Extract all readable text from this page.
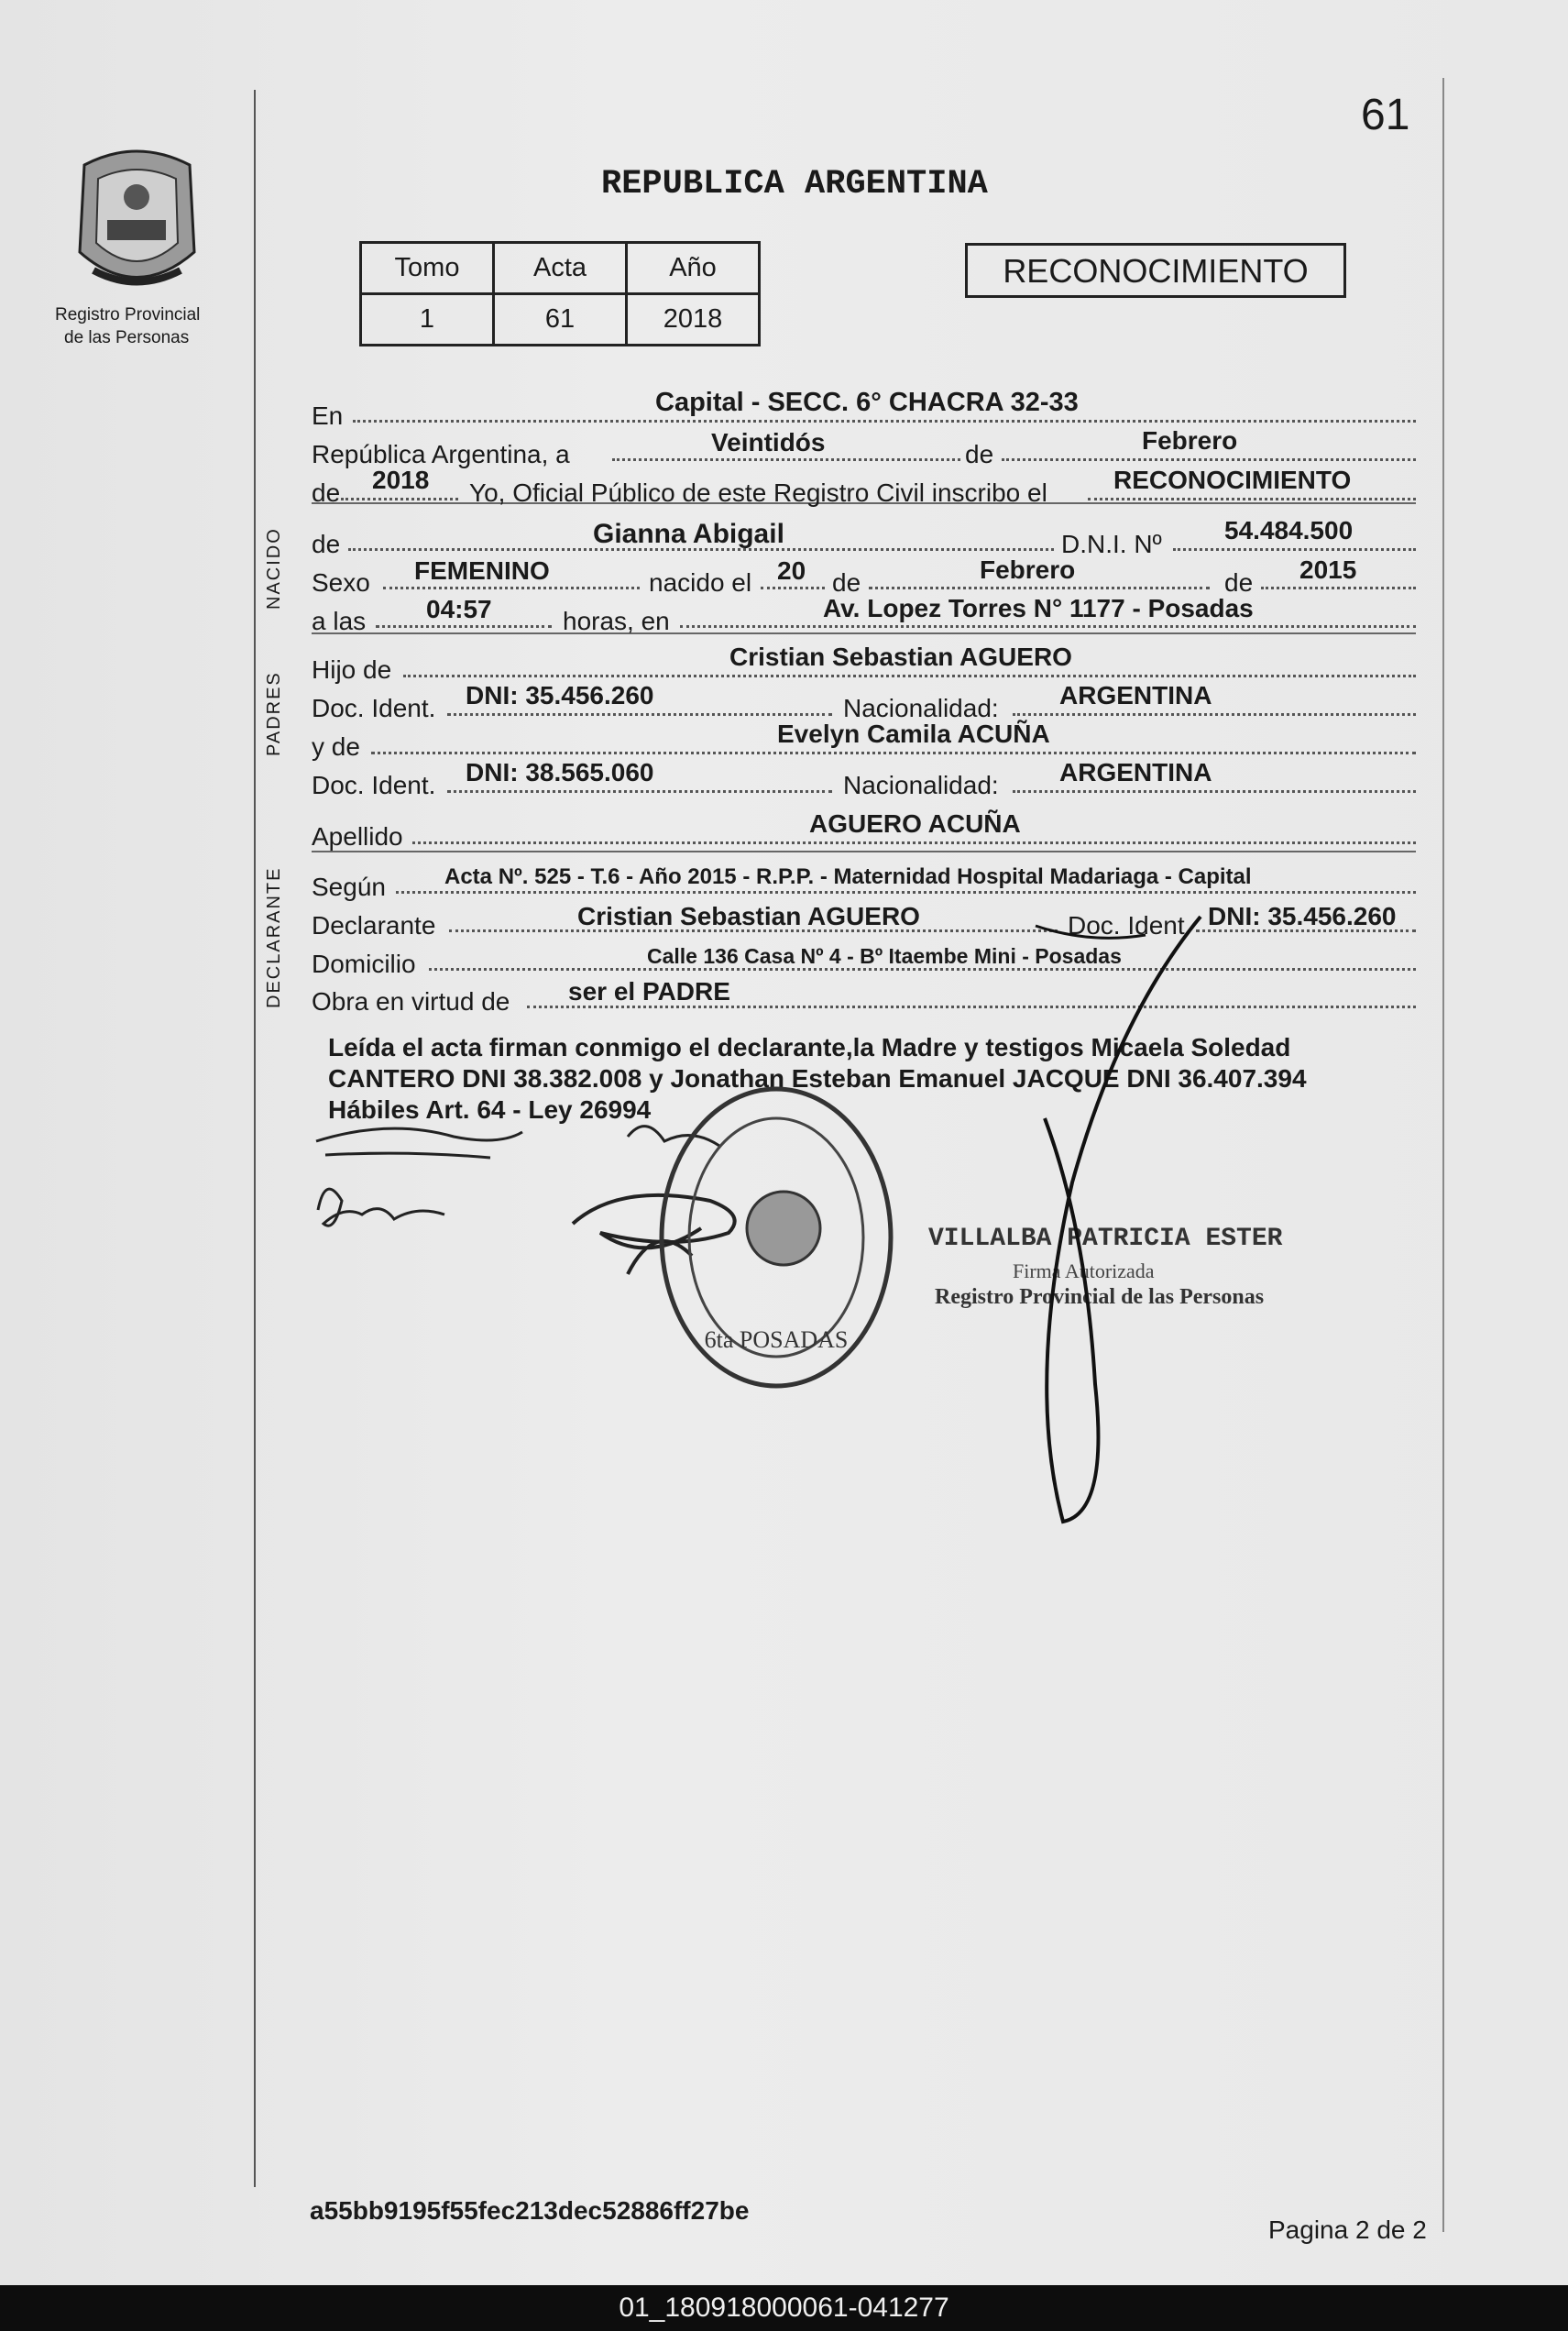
61
Registro Provincial
de las Personas
REPUBLICA ARGENTINA
Tomo	Acta	Año
1	61	2018
RECONOCIMIENTO
NACIDO
PADRES
DECLARANTE
En	Capital - SECC. 6° CHACRA 32-33
República Argentina, a	Veintidós	de	Febrero
de 2018 Yo, Oficial Público de este Registro Civil inscribo el	RECONOCIMIENTO
de	Gianna Abigail	D.N.I. Nº 54.484.500
Sexo FEMENINO	nacido el 20 de	Febrero	de 2015
a las 04:57	horas, en	Av. Lopez Torres N° 1177 - Posadas
Hijo de	Cristian Sebastian AGUERO
Doc. Ident. DNI: 35.456.260	Nacionalidad: ARGENTINA
y de	Evelyn Camila ACUÑA
Doc. Ident. DNI: 38.565.060	Nacionalidad: ARGENTINA
Apellido	AGUERO ACUÑA
Según	Acta Nº. 525 - T.6 - Año 2015 - R.P.P. - Maternidad Hospital Madariaga - Capital
Declarante	Cristian Sebastian AGUERO	Doc. Ident. DNI: 35.456.260
Domicilio	Calle 136 Casa Nº 4 - Bº Itaembe Mini - Posadas
Obra en virtud de ser el PADRE
Leída el acta firman conmigo el declarante,la Madre y testigos Micaela Soledad
CANTERO DNI 38.382.008 y Jonathan Esteban Emanuel JACQUE DNI 36.407.394
Hábiles Art. 64 - Ley 26994
6ta POSADAS
VILLALBA PATRICIA ESTER
Firma Autorizada
Registro Provincial de las Personas
a55bb9195f55fec213dec52886ff27be
Pagina 2 de 2
01_180918000061-041277
